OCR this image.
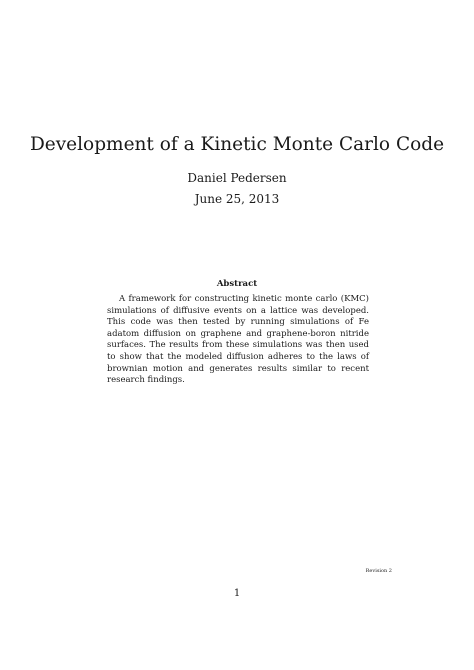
Development of a Kinetic Monte Carlo Code
Daniel Pedersen
June 25, 2013
Abstract

A framework for constructing kinetic monte carlo (KMC) simulations of diffusive events on a lattice was developed. This code was then tested by running simulations of Fe adatom diffusion on graphene and graphene-boron nitride surfaces. The results from these simulations was then used to show that the modeled diffusion adheres to the laws of brownian motion and generates results similar to recent research findings.

Revision 2
1
